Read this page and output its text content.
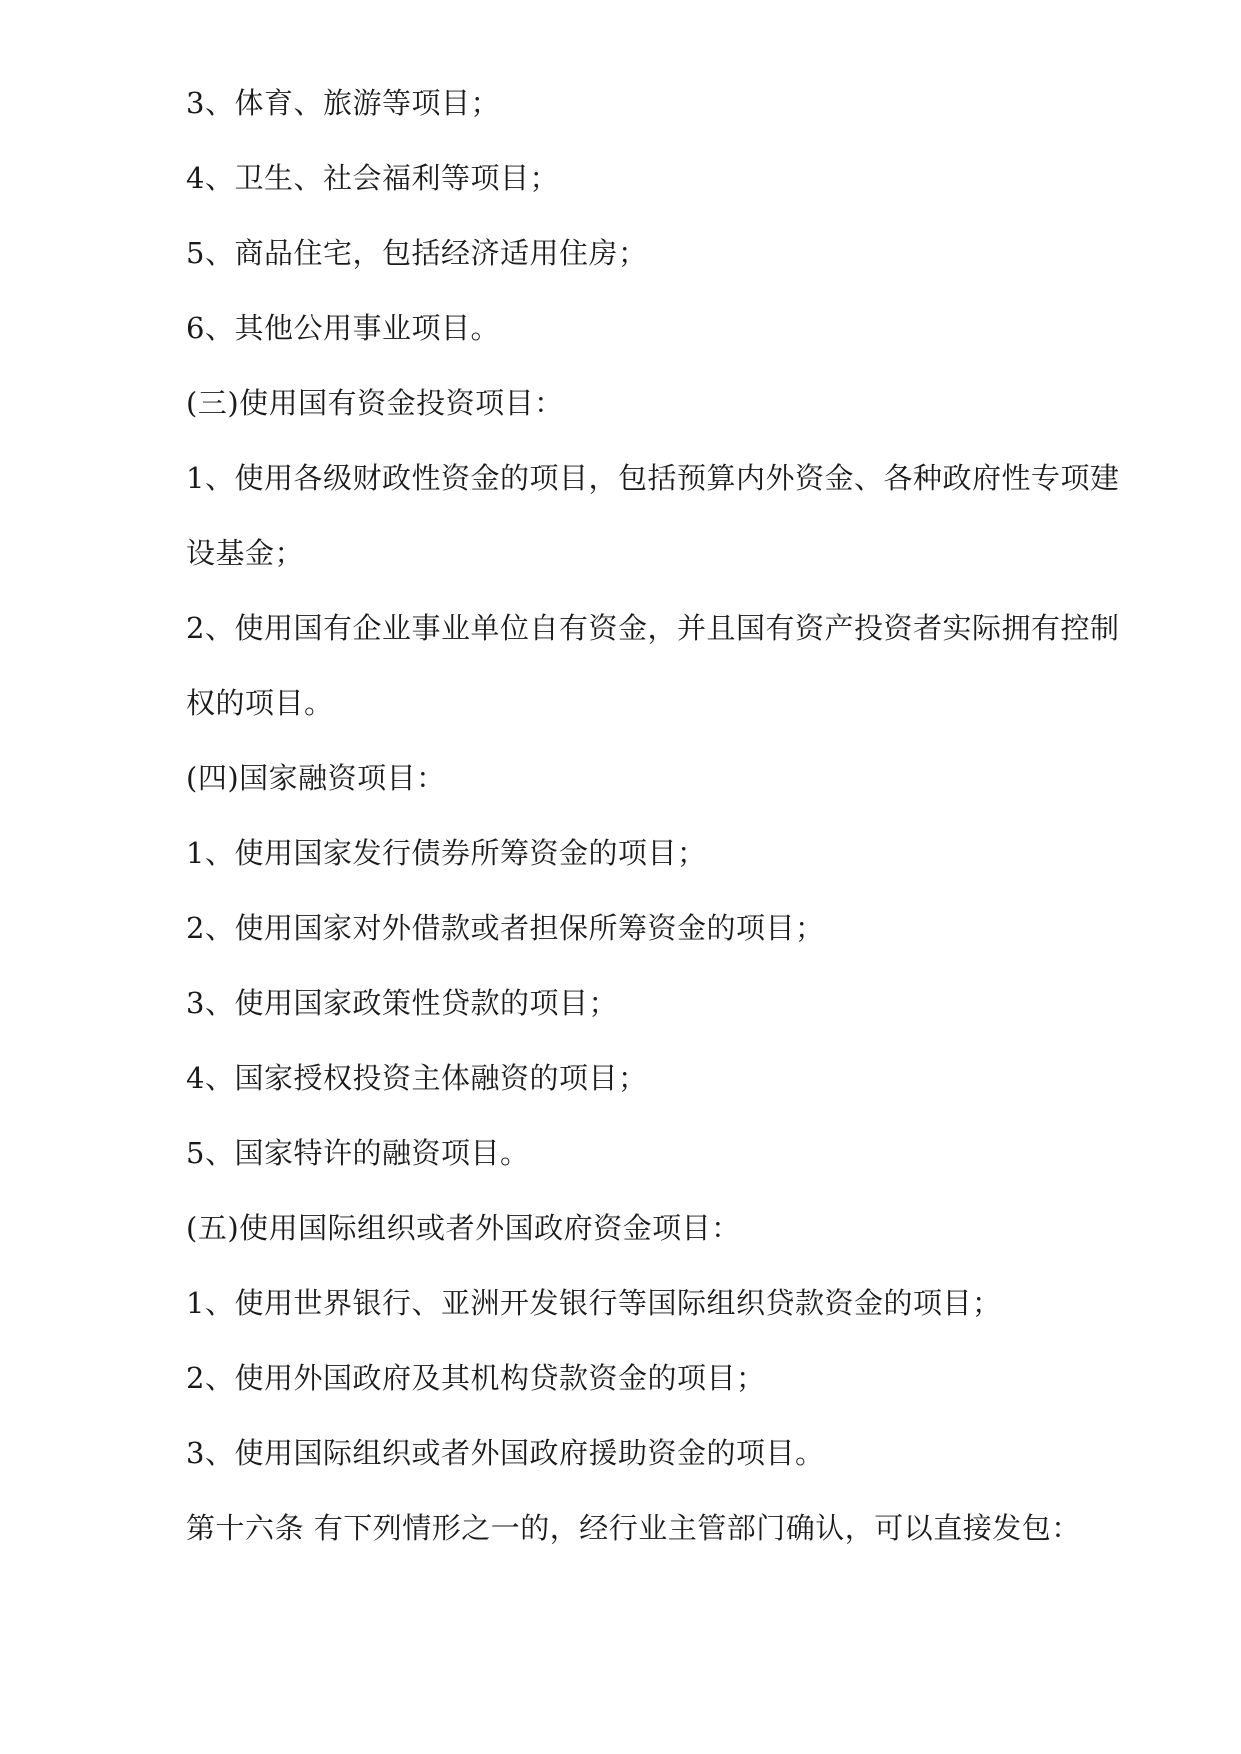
3、体育、旅游等项目；

4、卫生、社会福利等项目；

5、商品住宅，包括经济适用住房；

6、其他公用事业项目。

(三)使用国有资金投资项目：

1、使用各级财政性资金的项目，包括预算内外资金、各种政府性专项建设基金；

2、使用国有企业事业单位自有资金，并且国有资产投资者实际拥有控制权的项目。

(四)国家融资项目：

1、使用国家发行债券所筹资金的项目；

2、使用国家对外借款或者担保所筹资金的项目；

3、使用国家政策性贷款的项目；

4、国家授权投资主体融资的项目；

5、国家特许的融资项目。

(五)使用国际组织或者外国政府资金项目：

1、使用世界银行、亚洲开发银行等国际组织贷款资金的项目；

2、使用外国政府及其机构贷款资金的项目；

3、使用国际组织或者外国政府援助资金的项目。

第十六条 有下列情形之一的，经行业主管部门确认，可以直接发包：
